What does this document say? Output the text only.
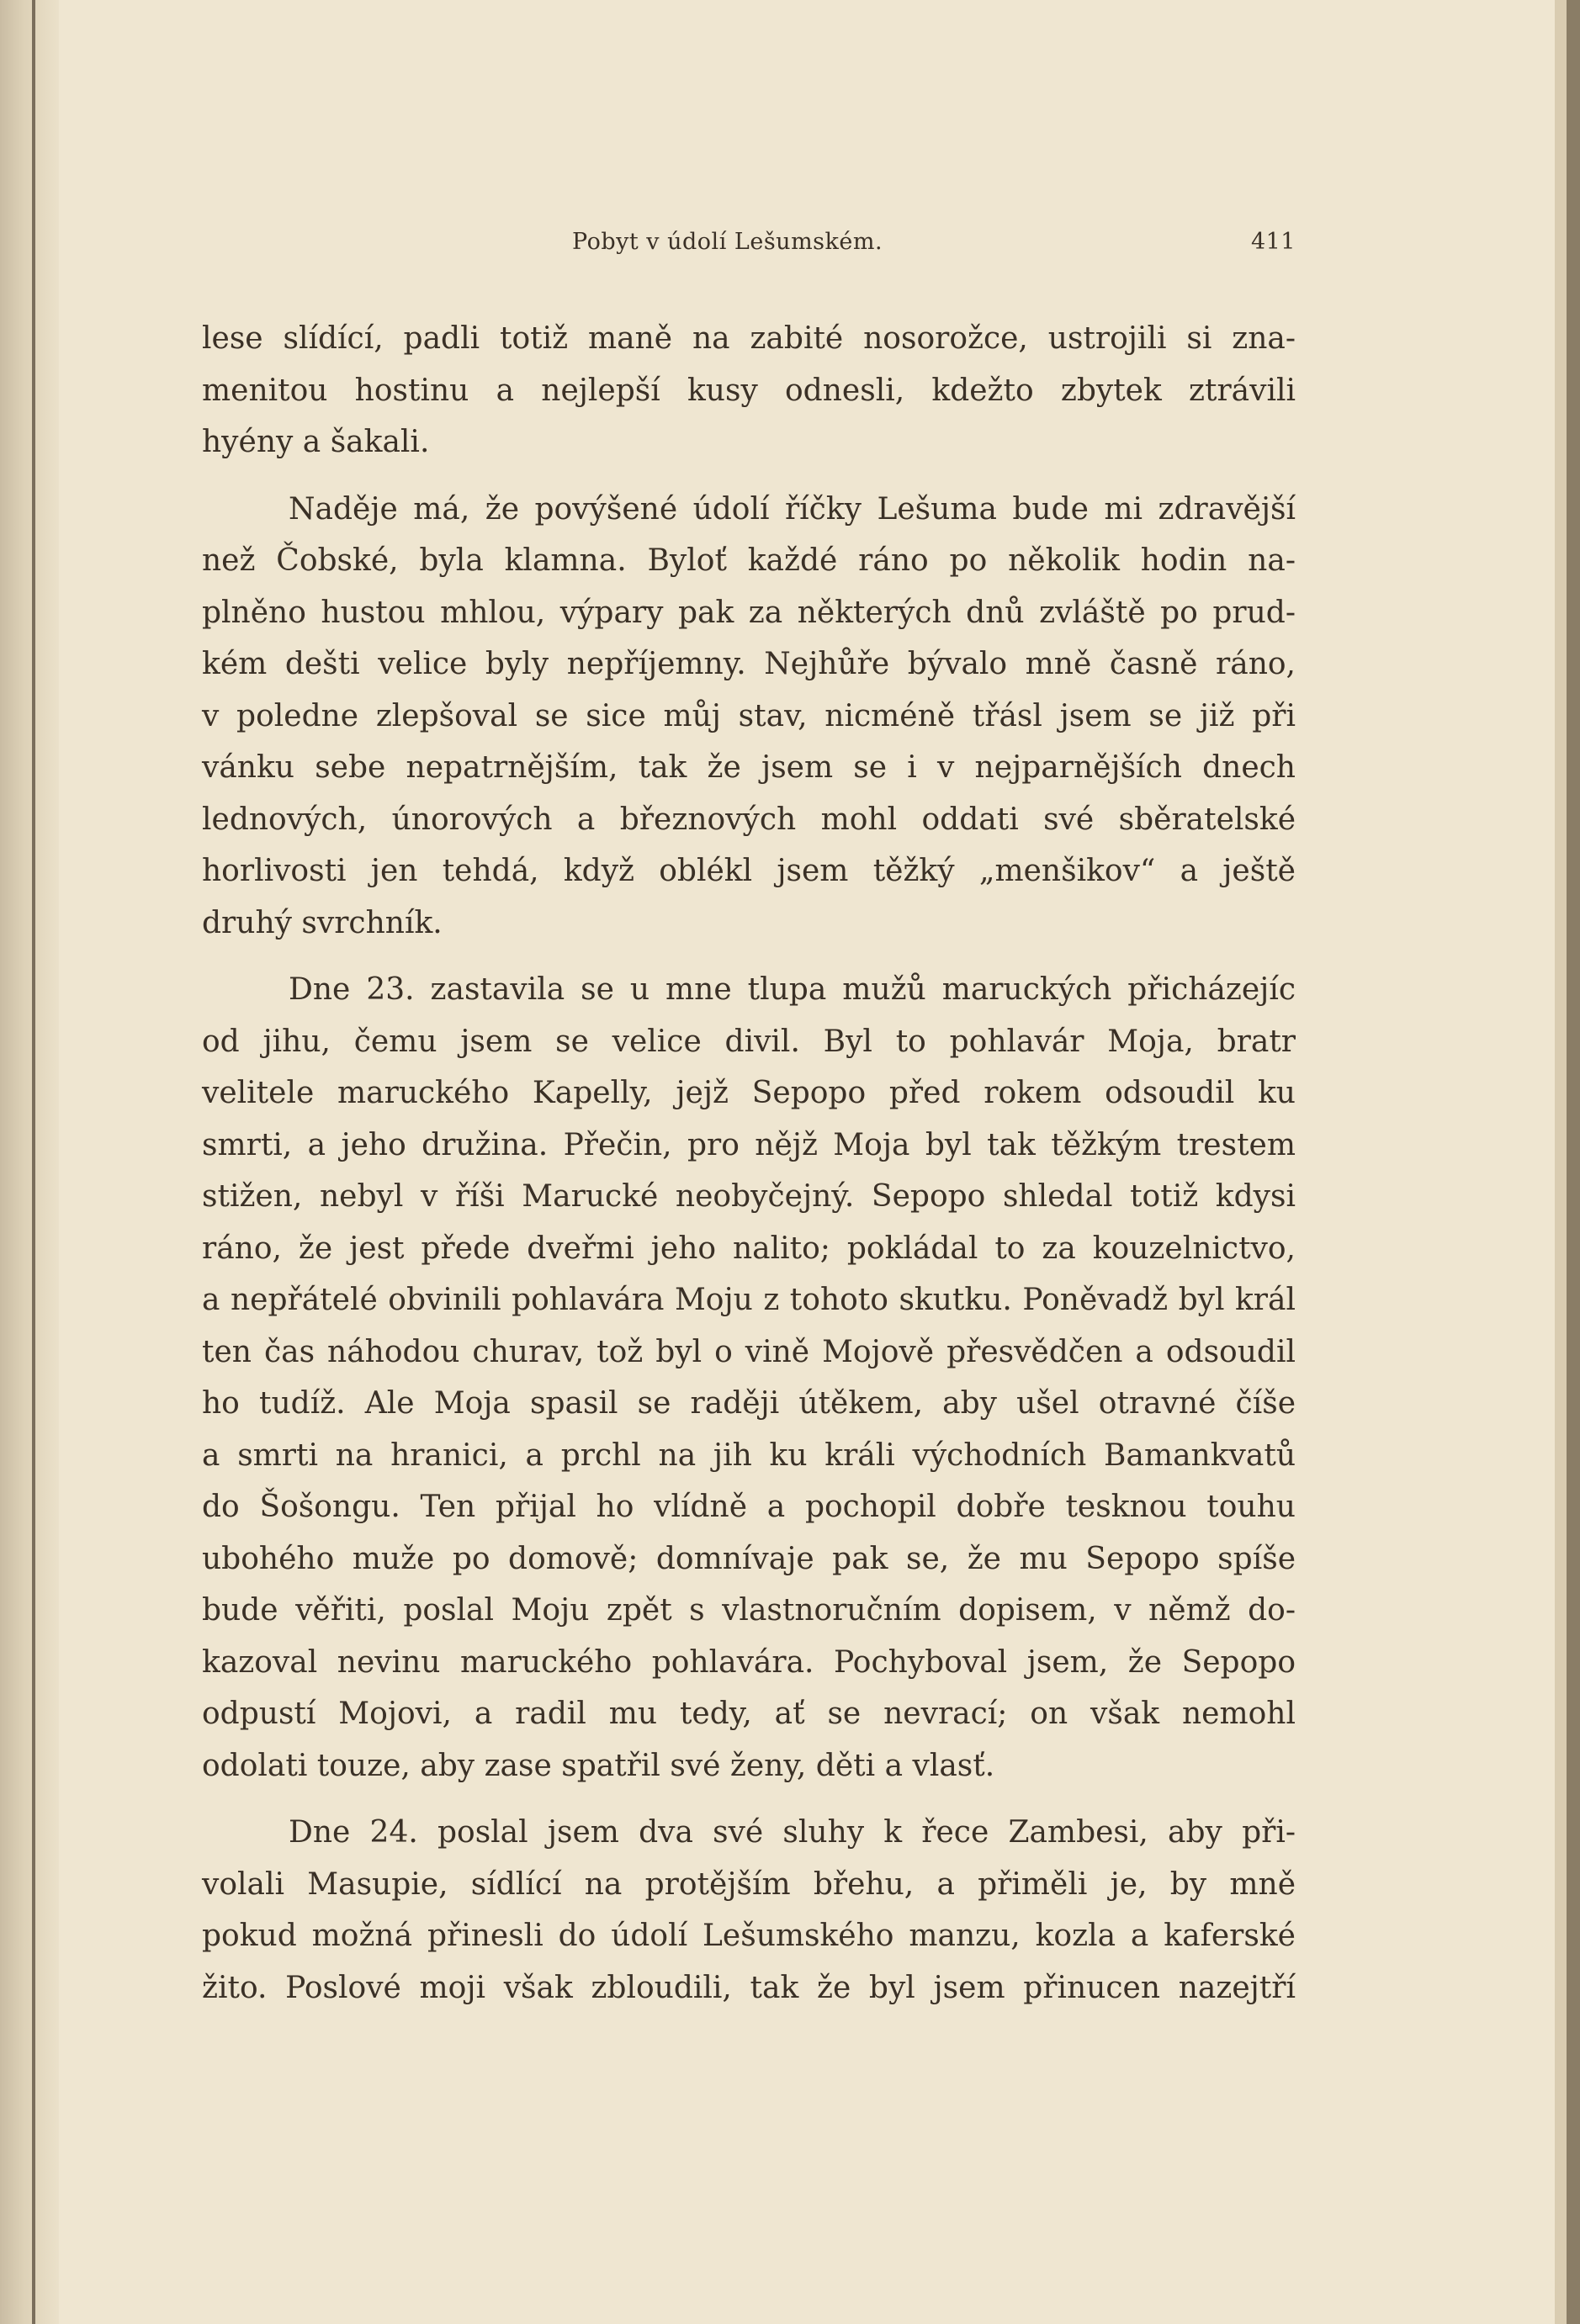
Pobyt v údolí Lešumském.	411
lese slídící, padli totiž maně na zabité nosorožce, ustrojili si zna-
menitou hostinu a nejlepší kusy odnesli, kdežto zbytek ztrávili
hyény a šakali.
Naděje má, že povýšené údolí říčky Lešuma bude mi zdravější
než Čobské, byla klamna. Byloť každé ráno po několik hodin na-
plněno hustou mhlou, výpary pak za některých dnů zvláště po prud-
kém dešti velice byly nepříjemny. Nejhůře bývalo mně časně ráno,
v poledne zlepšoval se sice můj stav, nicméně třásl jsem se již při
vánku sebe nepatrnějším, tak že jsem se i v nejparnějších dnech
lednových, únorových a březnových mohl oddati své sběratelské
horlivosti jen tehdá, když oblékl jsem těžký „menšikov“ a ještě
druhý svrchník.
Dne 23. zastavila se u mne tlupa mužů maruckých přicházejíc
od jihu, čemu jsem se velice divil. Byl to pohlavár Moja, bratr
velitele maruckého Kapelly, jejž Sepopo před rokem odsoudil ku
smrti, a jeho družina. Přečin, pro nějž Moja byl tak těžkým trestem
stižen, nebyl v říši Marucké neobyčejný. Sepopo shledal totiž kdysi
ráno, že jest přede dveřmi jeho nalito; pokládal to za kouzelnictvo,
a nepřátelé obvinili pohlavára Moju z tohoto skutku. Poněvadž byl král
ten čas náhodou churav, tož byl o vině Mojově přesvědčen a odsoudil
ho tudíž. Ale Moja spasil se raději útěkem, aby ušel otravné číše
a smrti na hranici, a prchl na jih ku králi východních Bamankvatů
do Šošongu. Ten přijal ho vlídně a pochopil dobře tesknou touhu
ubohého muže po domově; domnívaje pak se, že mu Sepopo spíše
bude věřiti, poslal Moju zpět s vlastnoručním dopisem, v němž do-
kazoval nevinu maruckého pohlavára. Pochyboval jsem, že Sepopo
odpustí Mojovi, a radil mu tedy, ať se nevrací; on však nemohl
odolati touze, aby zase spatřil své ženy, děti a vlasť.
Dne 24. poslal jsem dva své sluhy k řece Zambesi, aby při-
volali Masupie, sídlící na protějším břehu, a přiměli je, by mně
pokud možná přinesli do údolí Lešumského manzu, kozla a kaferské
žito. Poslové moji však zbloudili, tak že byl jsem přinucen nazejtří
